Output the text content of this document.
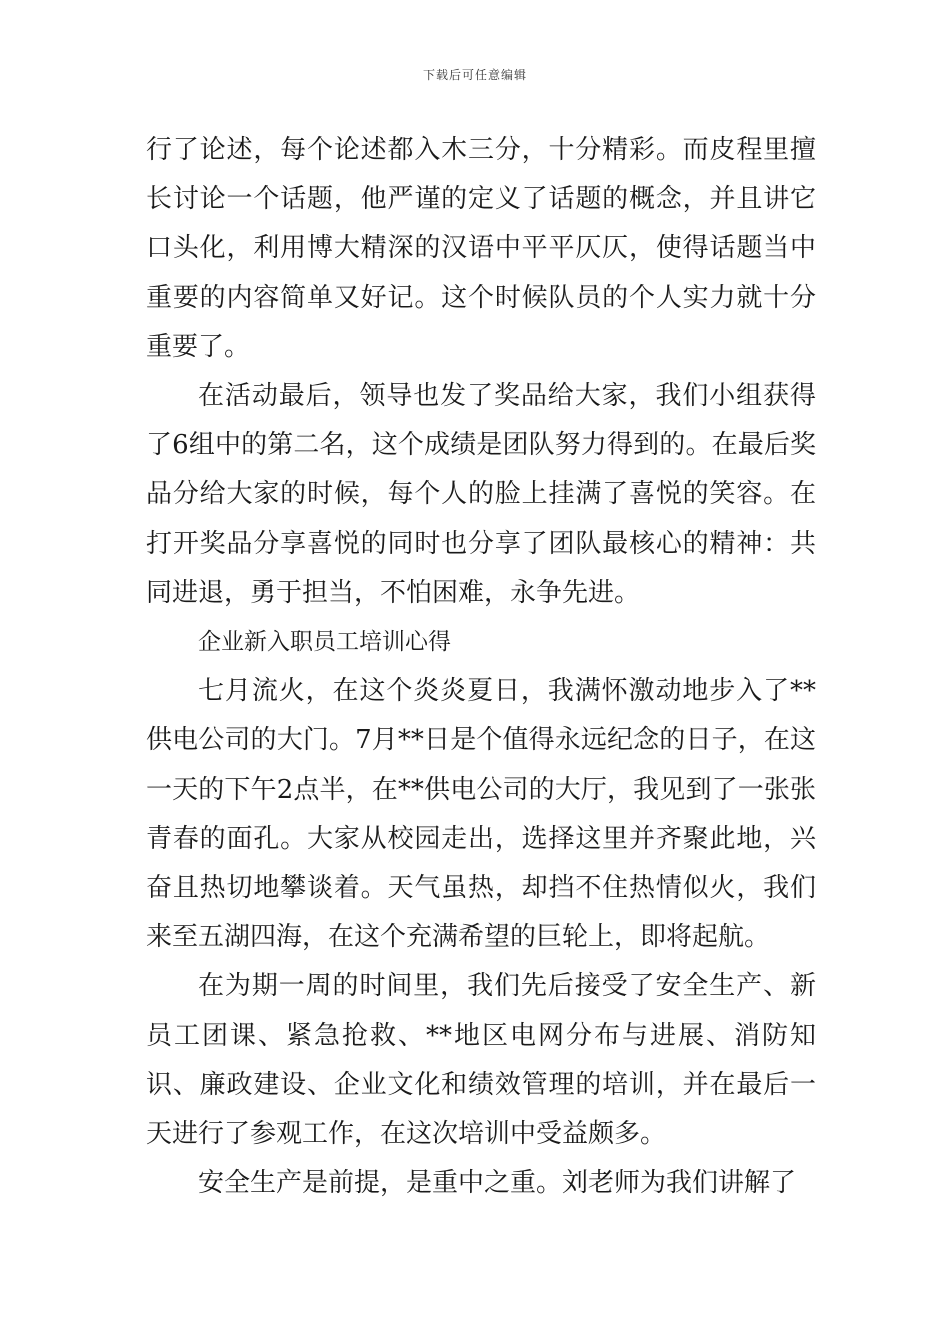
下载后可任意编辑

行了论述，每个论述都入木三分，十分精彩。而皮程里擅长讨论一个话题，他严谨的定义了话题的概念，并且讲它口头化，利用博大精深的汉语中平平仄仄，使得话题当中重要的内容简单又好记。这个时候队员的个人实力就十分重要了。

在活动最后，领导也发了奖品给大家，我们小组获得了6组中的第二名，这个成绩是团队努力得到的。在最后奖品分给大家的时候，每个人的脸上挂满了喜悦的笑容。在打开奖品分享喜悦的同时也分享了团队最核心的精神：共同进退，勇于担当，不怕困难，永争先进。

企业新入职员工培训心得

七月流火，在这个炎炎夏日，我满怀激动地步入了**供电公司的大门。7月**日是个值得永远纪念的日子，在这一天的下午2点半，在**供电公司的大厅，我见到了一张张青春的面孔。大家从校园走出，选择这里并齐聚此地，兴奋且热切地攀谈着。天气虽热，却挡不住热情似火，我们来至五湖四海，在这个充满希望的巨轮上，即将起航。

在为期一周的时间里，我们先后接受了安全生产、新员工团课、紧急抢救、**地区电网分布与进展、消防知识、廉政建设、企业文化和绩效管理的培训，并在最后一天进行了参观工作，在这次培训中受益颇多。

安全生产是前提，是重中之重。刘老师为我们讲解了
